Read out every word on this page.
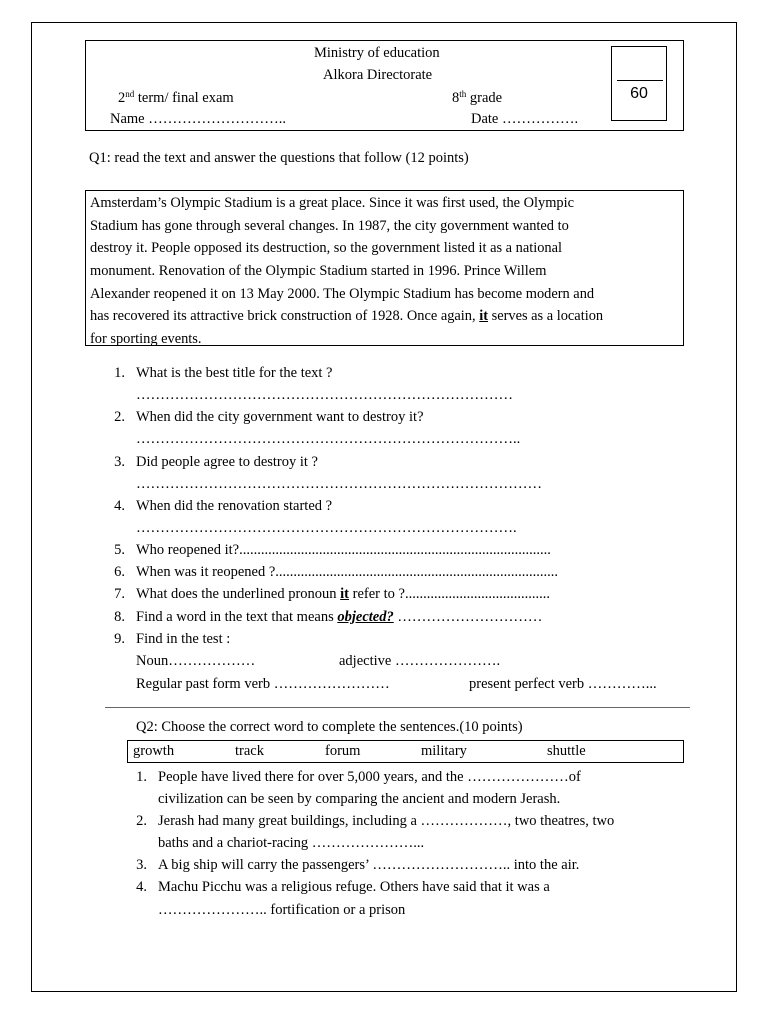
Ministry of education
Alkora Directorate
2nd term/ final exam	8th grade
Name ………………………..	Date …………….
60
Q1: read the text and answer the questions that follow (12 points)
Amsterdam’s Olympic Stadium is a great place. Since it was first used, the Olympic
Stadium has gone through several changes. In 1987, the city government wanted to
destroy it. People opposed its destruction, so the government listed it as a national
monument. Renovation of the Olympic Stadium started in 1996. Prince Willem
Alexander reopened it on 13 May 2000. The Olympic Stadium has become modern and
has recovered its attractive brick construction of 1928. Once again, it serves as a location
for sporting events.
1. What is the best title for the text ?
……………………………………………………………………
2. When did the city government want to destroy it?
……………………………………………………………………..
3. Did people agree to destroy it ?
…………………………………………………………………………
4. When did the renovation started ?
…………………………………………………………………….
5. Who reopened it?......................................................................................
6. When was it reopened ?..............................................................................
7. What does the underlined pronoun it refer to ?........................................
8. Find a word in the text that means objected? …………………………
9. Find in the test :
Noun………………	adjective ………………….
Regular past form verb ……………………	present perfect verb …………...
Q2: Choose the correct word to complete the sentences.(10 points)
growth	track	forum	military	shuttle
1. People have lived there for over 5,000 years, and the …………………of
civilization can be seen by comparing the ancient and modern Jerash.
2. Jerash had many great buildings, including a ………………, two theatres, two
baths and a chariot-racing …………………...
3. A big ship will carry the passengers’ ……………………….. into the air.
4. Machu Picchu was a religious refuge. Others have said that it was a
………………….. fortification or a prison
